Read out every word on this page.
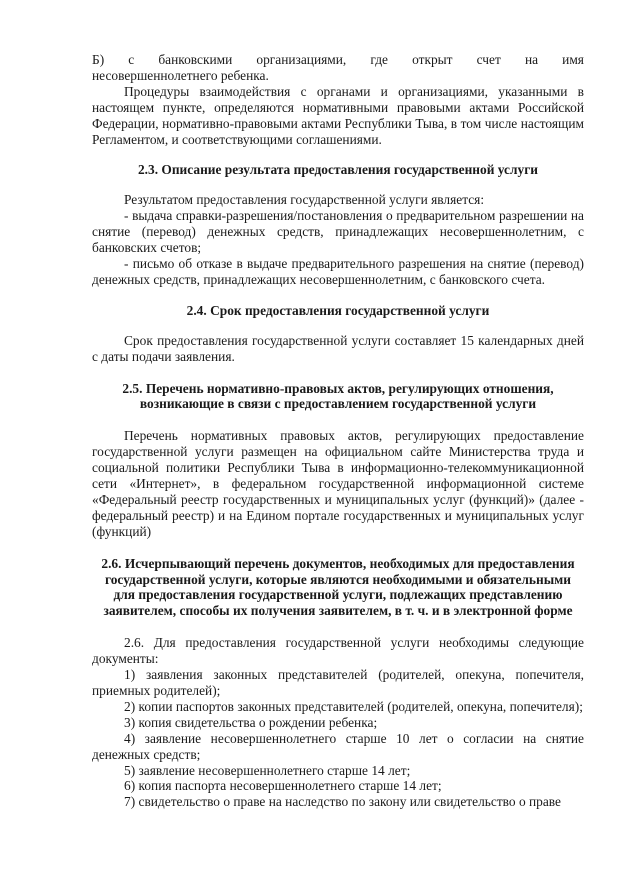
Б) с банковскими организациями, где открыт счет на имя

несовершеннолетнего ребенка.

Процедуры взаимодействия с органами и организациями, указанными в настоящем пункте, определяются нормативными правовыми актами Российской Федерации, нормативно-правовыми актами Республики Тыва, в том числе настоящим Регламентом, и соответствующими соглашениями.

2.3. Описание результата предоставления государственной услуги

Результатом предоставления государственной услуги является:

- выдача справки-разрешения/постановления о предварительном разрешении на снятие (перевод) денежных средств, принадлежащих несовершеннолетним, с банковских счетов;

- письмо об отказе в выдаче предварительного разрешения на снятие (перевод) денежных средств, принадлежащих несовершеннолетним, с банковского счета.

2.4. Срок предоставления государственной услуги

Срок предоставления государственной услуги составляет 15 календарных дней с даты подачи заявления.

2.5. Перечень нормативно-правовых актов, регулирующих отношения,
возникающие в связи с предоставлением государственной услуги

Перечень нормативных правовых актов, регулирующих предоставление государственной услуги размещен на официальном сайте Министерства труда и социальной политики Республики Тыва в информационно-телекоммуникационной сети «Интернет», в федеральном государственной информационной системе «Федеральный реестр государственных и муниципальных услуг (функций)» (далее - федеральный реестр) и на Едином портале государственных и муниципальных услуг (функций)

2.6. Исчерпывающий перечень документов, необходимых для предоставления
государственной услуги, которые являются необходимыми и обязательными
для предоставления государственной услуги, подлежащих представлению
заявителем, способы их получения заявителем, в т. ч. и в электронной форме

2.6. Для предоставления государственной услуги необходимы следующие документы:

1) заявления законных представителей (родителей, опекуна, попечителя, приемных родителей);

2) копии паспортов законных представителей (родителей, опекуна, попечителя);

3) копия свидетельства о рождении ребенка;

4) заявление несовершеннолетнего старше 10 лет о согласии на снятие денежных средств;

5) заявление несовершеннолетнего старше 14 лет;

6) копия паспорта несовершеннолетнего старше 14 лет;

7) свидетельство о праве на наследство по закону или свидетельство о праве
